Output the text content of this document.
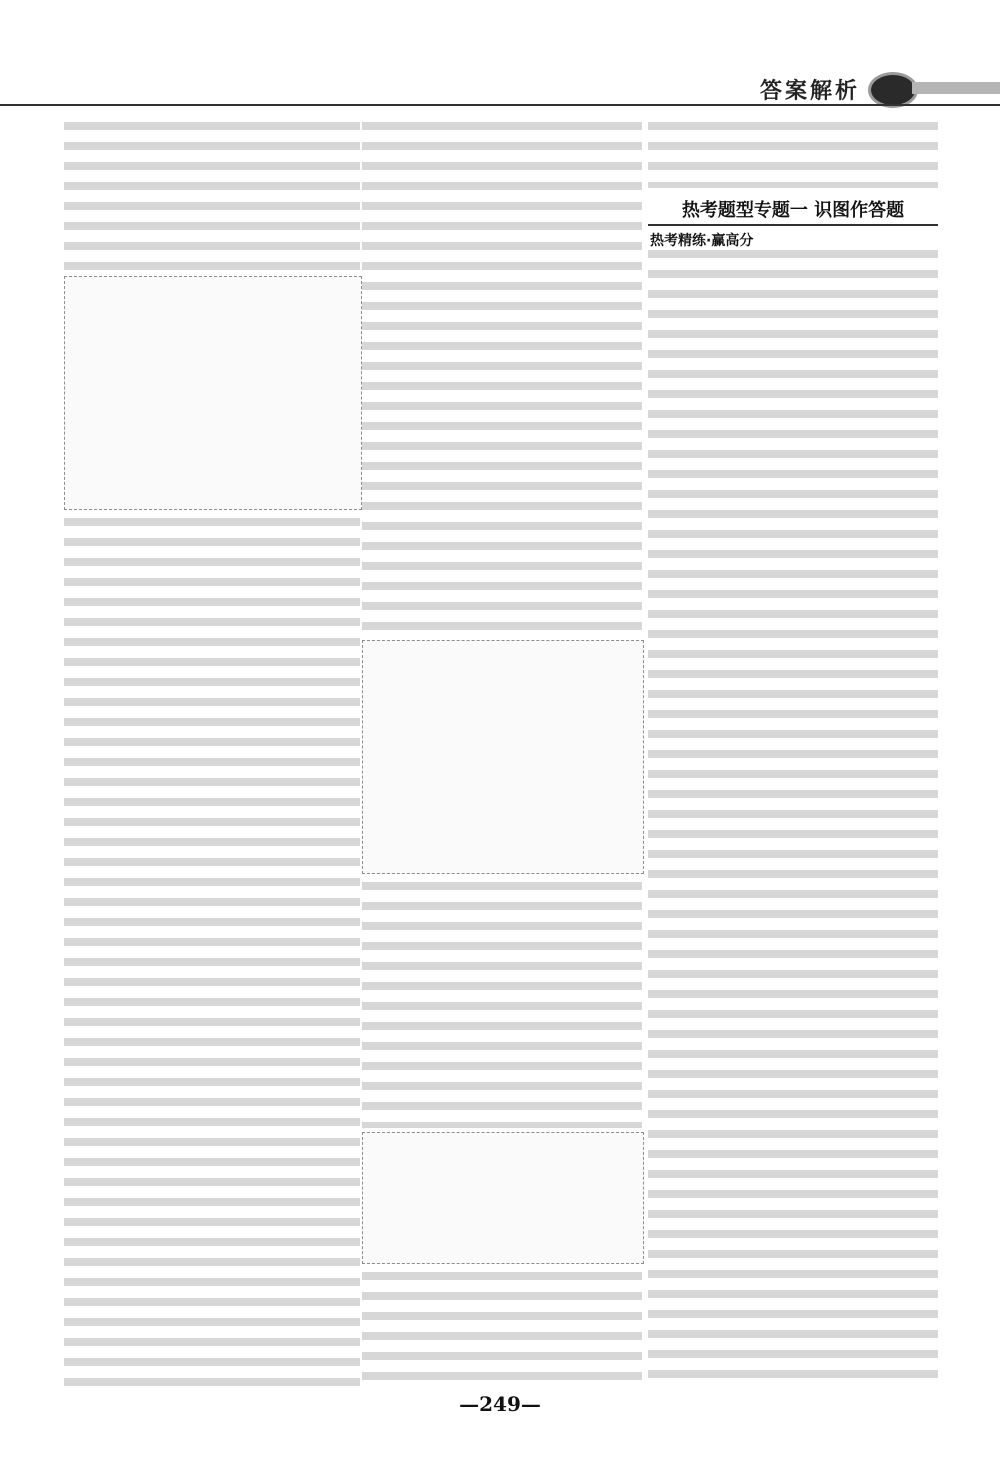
答案解析
热考题型专题一 识图作答题
热考精练·赢高分
—249—
